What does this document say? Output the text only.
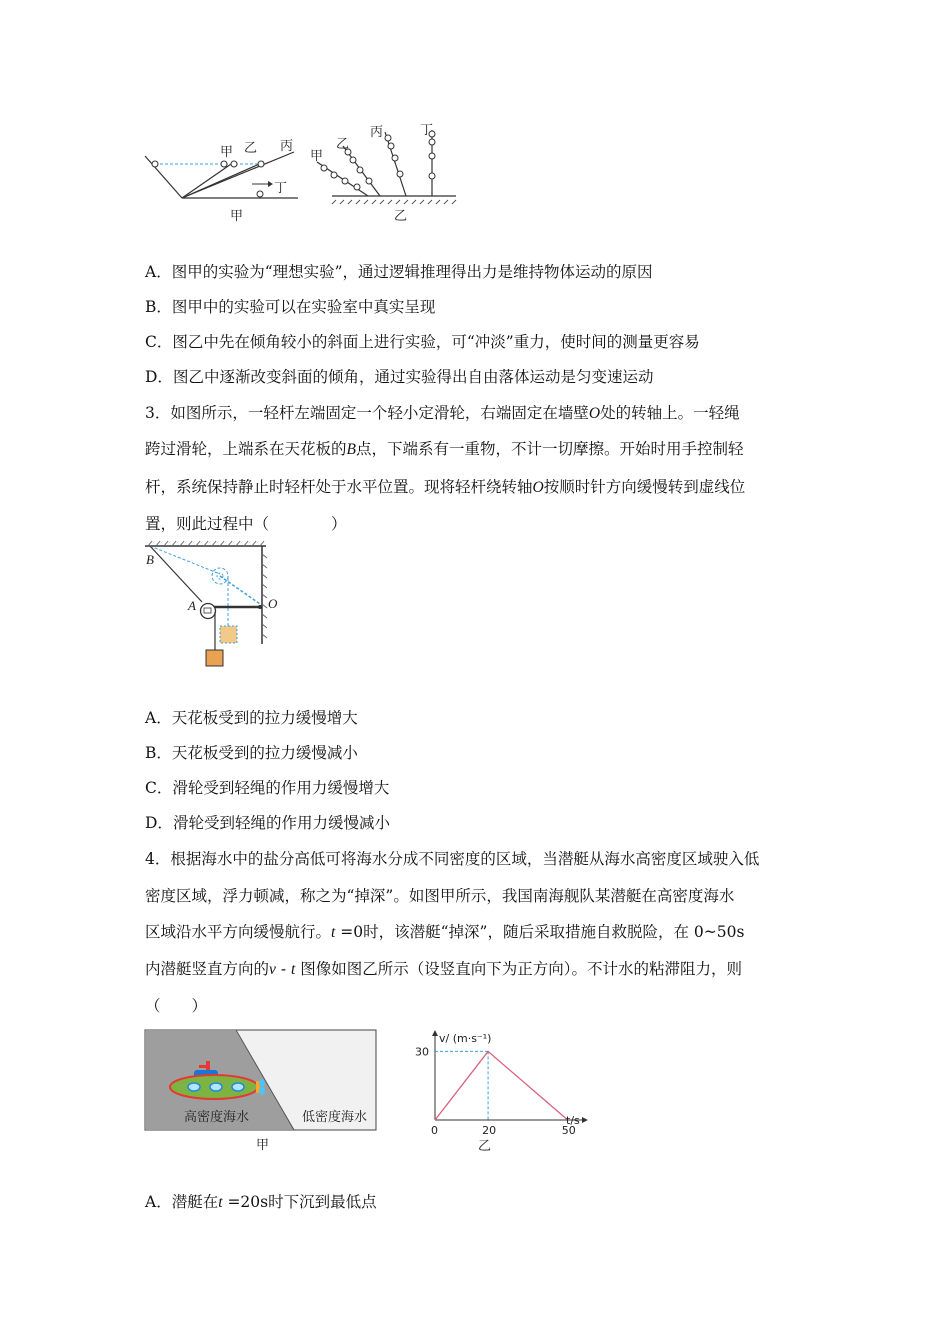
甲 乙 丙
丁
甲
甲
乙
丙	丁
乙
A．图甲的实验为“理想实验”，通过逻辑推理得出力是维持物体运动的原因
B．图甲中的实验可以在实验室中真实呈现
C．图乙中先在倾角较小的斜面上进行实验，可“冲淡”重力，使时间的测量更容易
D．图乙中逐渐改变斜面的倾角，通过实验得出自由落体运动是匀变速运动
3．如图所示，一轻杆左端固定一个轻小定滑轮，右端固定在墙壁O处的转轴上。一轻绳
跨过滑轮，上端系在天花板的B点，下端系有一重物，不计一切摩擦。开始时用手控制轻
杆，系统保持静止时轻杆处于水平位置。现将轻杆绕转轴O按顺时针方向缓慢转到虚线位
置，则此过程中（　　　　）
B
A	O
A．天花板受到的拉力缓慢增大
B．天花板受到的拉力缓慢减小
C．滑轮受到轻绳的作用力缓慢增大
D．滑轮受到轻绳的作用力缓慢减小
4．根据海水中的盐分高低可将海水分成不同密度的区域，当潜艇从海水高密度区域驶入低
密度区域，浮力顿减，称之为“掉深”。如图甲所示，我国南海舰队某潜艇在高密度海水
区域沿水平方向缓慢航行。t =0时，该潜艇“掉深”，随后采取措施自救脱险，在 0~50s
内潜艇竖直方向的v - t 图像如图乙所示（设竖直向下为正方向）。不计水的粘滞阻力，则
（　　）
高密度海水	低密度海水
甲
v/ (m·s⁻¹)
t/s
30
0	20	50
乙
A．潜艇在t =20s时下沉到最低点
